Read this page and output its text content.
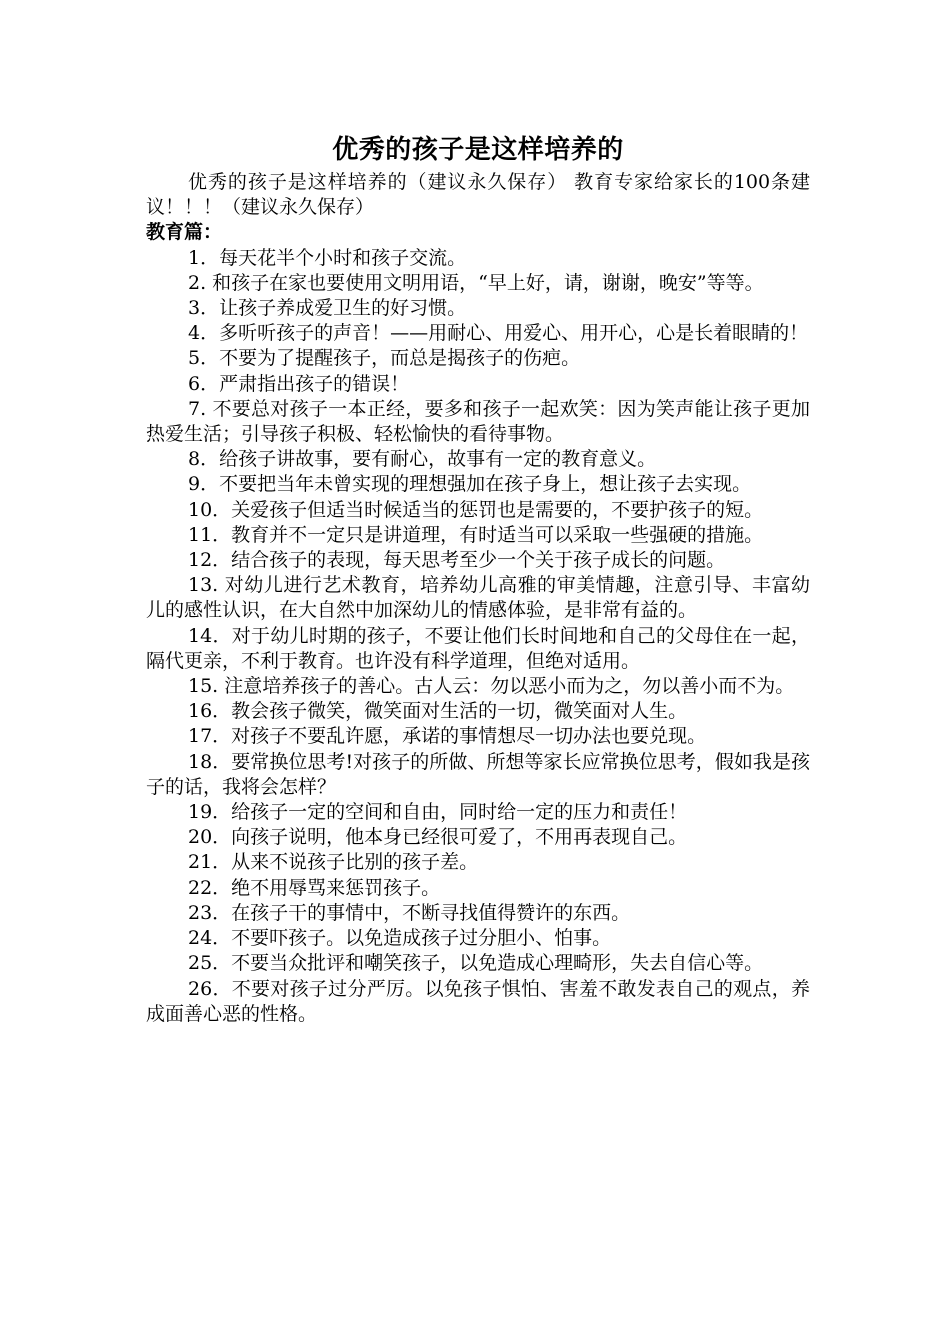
优秀的孩子是这样培养的

优秀的孩子是这样培养的（建议永久保存） 教育专家给家长的100条建议！！！（建议永久保存）

教育篇：

1．每天花半个小时和孩子交流。

2. 和孩子在家也要使用文明用语，“早上好，请，谢谢，晚安”等等。

3．让孩子养成爱卫生的好习惯。

4．多听听孩子的声音！——用耐心、用爱心、用开心，心是长着眼睛的！

5．不要为了提醒孩子，而总是揭孩子的伤疤。

6．严肃指出孩子的错误！

7. 不要总对孩子一本正经，要多和孩子一起欢笑：因为笑声能让孩子更加热爱生活；引导孩子积极、轻松愉快的看待事物。

8．给孩子讲故事，要有耐心，故事有一定的教育意义。

9．不要把当年未曾实现的理想强加在孩子身上，想让孩子去实现。

10．关爱孩子但适当时候适当的惩罚也是需要的，不要护孩子的短。

11．教育并不一定只是讲道理，有时适当可以采取一些强硬的措施。

12．结合孩子的表现，每天思考至少一个关于孩子成长的问题。

13. 对幼儿进行艺术教育，培养幼儿高雅的审美情趣，注意引导、丰富幼儿的感性认识，在大自然中加深幼儿的情感体验，是非常有益的。

14．对于幼儿时期的孩子，不要让他们长时间地和自己的父母住在一起，隔代更亲，不利于教育。也许没有科学道理，但绝对适用。

15. 注意培养孩子的善心。古人云：勿以恶小而为之，勿以善小而不为。

16．教会孩子微笑，微笑面对生活的一切，微笑面对人生。

17．对孩子不要乱许愿，承诺的事情想尽一切办法也要兑现。

18．要常换位思考!对孩子的所做、所想等家长应常换位思考，假如我是孩子的话，我将会怎样？

19．给孩子一定的空间和自由，同时给一定的压力和责任！

20．向孩子说明，他本身已经很可爱了，不用再表现自己。

21．从来不说孩子比别的孩子差。

22．绝不用辱骂来惩罚孩子。

23．在孩子干的事情中，不断寻找值得赞许的东西。

24．不要吓孩子。以免造成孩子过分胆小、怕事。

25．不要当众批评和嘲笑孩子，以免造成心理畸形，失去自信心等。

26．不要对孩子过分严厉。以免孩子惧怕、害羞不敢发表自己的观点，养成面善心恶的性格。
